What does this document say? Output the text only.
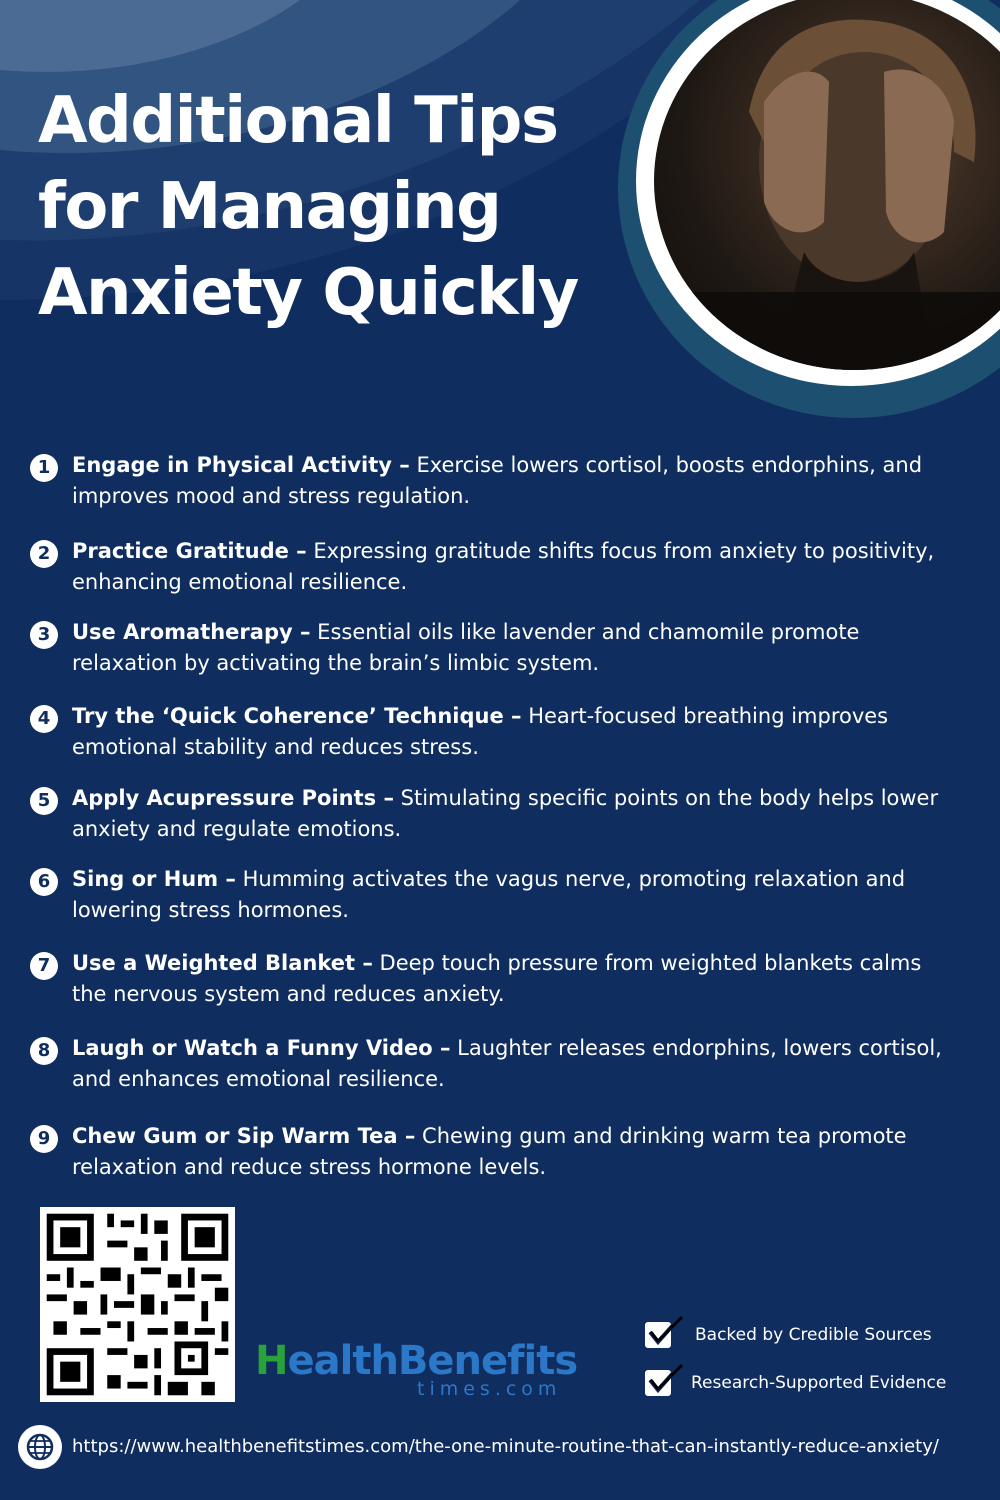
Additional Tips
for Managing
Anxiety Quickly
1	Engage in Physical Activity – Exercise lowers cortisol, boosts endorphins, and improves mood and stress regulation.
2	Practice Gratitude – Expressing gratitude shifts focus from anxiety to positivity, enhancing emotional resilience.
3	Use Aromatherapy – Essential oils like lavender and chamomile promote relaxation by activating the brain’s limbic system.
4	Try the ‘Quick Coherence’ Technique – Heart-focused breathing improves emotional stability and reduces stress.
5	Apply Acupressure Points – Stimulating specific points on the body helps lower anxiety and regulate emotions.
6	Sing or Hum – Humming activates the vagus nerve, promoting relaxation and lowering stress hormones.
7	Use a Weighted Blanket – Deep touch pressure from weighted blankets calms the nervous system and reduces anxiety.
8	Laugh or Watch a Funny Video – Laughter releases endorphins, lowers cortisol, and enhances emotional resilience.
9	Chew Gum or Sip Warm Tea – Chewing gum and drinking warm tea promote relaxation and reduce stress hormone levels.
HealthBenefits
times.com
Backed by Credible Sources
Research-Supported Evidence
https://www.healthbenefitstimes.com/the-one-minute-routine-that-can-instantly-reduce-anxiety/
